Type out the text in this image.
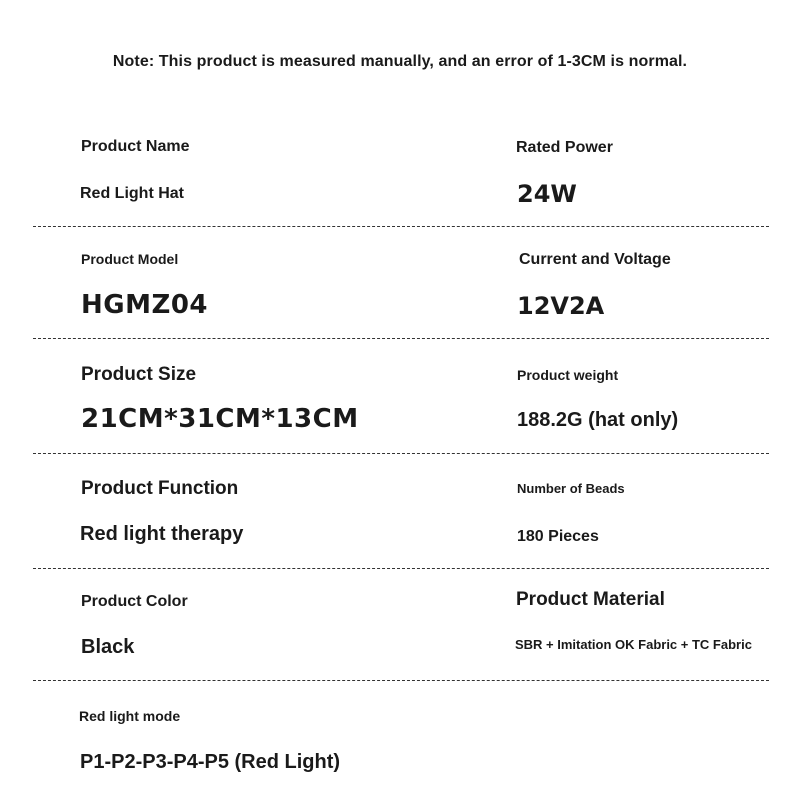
Note: This product is measured manually, and an error of 1-3CM is normal.
Product Name
Red Light Hat
Rated Power
24W
Product Model
HGMZ04
Current and Voltage
12V2A
Product Size
21CM*31CM*13CM
Product weight
188.2G (hat only)
Product Function
Red light therapy
Number of Beads
180 Pieces
Product Color
Black
Product Material
SBR + Imitation OK Fabric + TC Fabric
Red light mode
P1-P2-P3-P4-P5 (Red Light)
